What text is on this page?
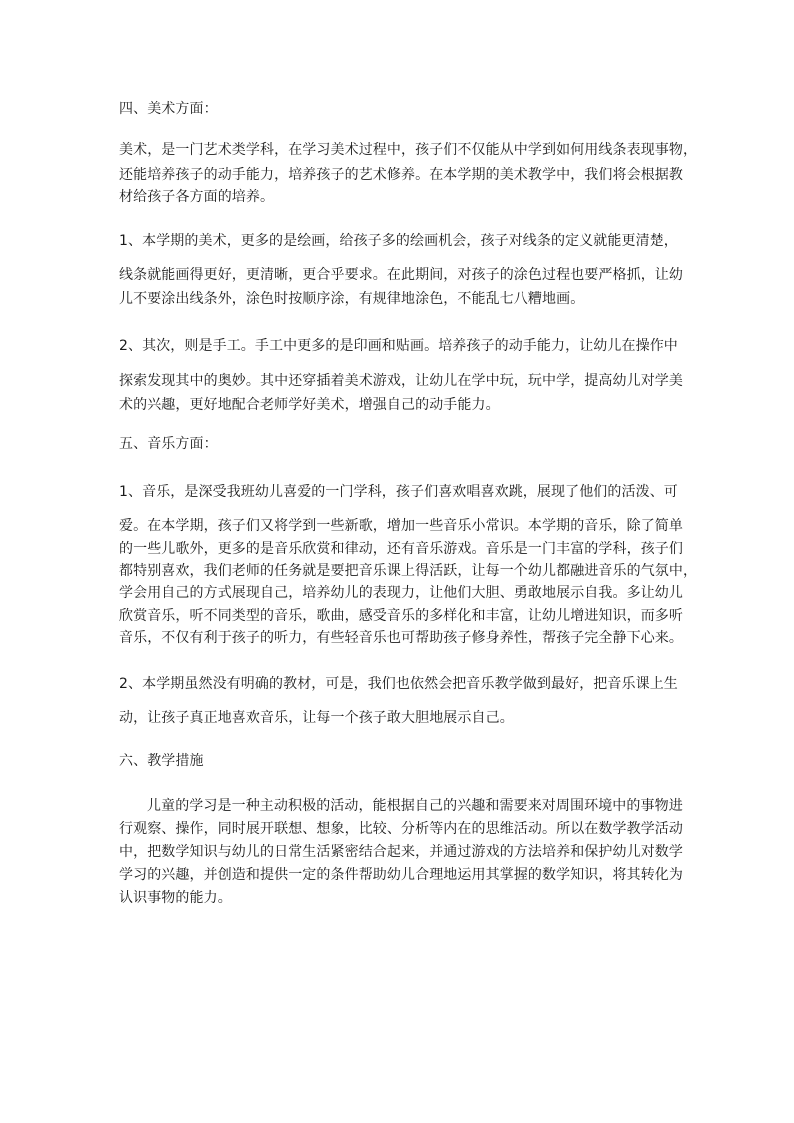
四、美术方面：
美术，是一门艺术类学科，在学习美术过程中，孩子们不仅能从中学到如何用线条表现事物，
还能培养孩子的动手能力，培养孩子的艺术修养。在本学期的美术教学中，我们将会根据教
材给孩子各方面的培养。
1、本学期的美术，更多的是绘画，给孩子多的绘画机会，孩子对线条的定义就能更清楚，
线条就能画得更好，更清晰，更合乎要求。在此期间，对孩子的涂色过程也要严格抓，让幼
儿不要涂出线条外，涂色时按顺序涂，有规律地涂色，不能乱七八糟地画。
2、其次，则是手工。手工中更多的是印画和贴画。培养孩子的动手能力，让幼儿在操作中
探索发现其中的奥妙。其中还穿插着美术游戏，让幼儿在学中玩，玩中学，提高幼儿对学美
术的兴趣，更好地配合老师学好美术，增强自己的动手能力。
五、音乐方面：
1、音乐，是深受我班幼儿喜爱的一门学科，孩子们喜欢唱喜欢跳，展现了他们的活泼、可
爱。在本学期，孩子们又将学到一些新歌，增加一些音乐小常识。本学期的音乐，除了简单
的一些儿歌外，更多的是音乐欣赏和律动，还有音乐游戏。音乐是一门丰富的学科，孩子们
都特别喜欢，我们老师的任务就是要把音乐课上得活跃，让每一个幼儿都融进音乐的气氛中，
学会用自己的方式展现自己，培养幼儿的表现力，让他们大胆、勇敢地展示自我。多让幼儿
欣赏音乐，听不同类型的音乐，歌曲，感受音乐的多样化和丰富，让幼儿增进知识，而多听
音乐，不仅有利于孩子的听力，有些轻音乐也可帮助孩子修身养性，帮孩子完全静下心来。
2、本学期虽然没有明确的教材，可是，我们也依然会把音乐教学做到最好，把音乐课上生
动，让孩子真正地喜欢音乐，让每一个孩子敢大胆地展示自己。
六、教学措施
儿童的学习是一种主动积极的活动，能根据自己的兴趣和需要来对周围环境中的事物进
行观察、操作，同时展开联想、想象，比较、分析等内在的思维活动。所以在数学教学活动
中，把数学知识与幼儿的日常生活紧密结合起来，并通过游戏的方法培养和保护幼儿对数学
学习的兴趣，并创造和提供一定的条件帮助幼儿合理地运用其掌握的数学知识，将其转化为
认识事物的能力。
